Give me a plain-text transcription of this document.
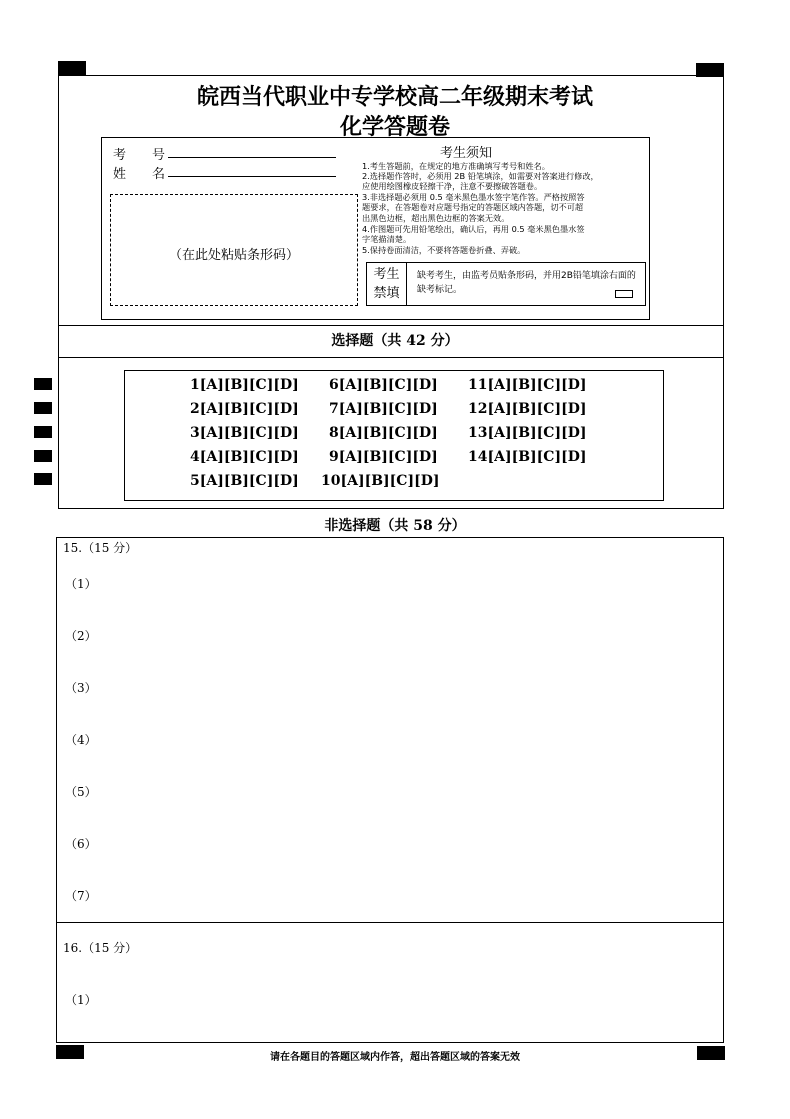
皖西当代职业中专学校高二年级期末考试
化学答题卷
考　　号
姓　　名
（在此处粘贴条形码）
考生须知
1.考生答题前，在规定的地方准确填写考号和姓名。
2.选择题作答时，必须用 2B 铅笔填涂，如需要对答案进行修改，
应使用绘图橡皮轻擦干净，注意不要擦破答题卷。
3.非选择题必须用 0.5 毫米黑色墨水签字笔作答。严格按照答
题要求，在答题卷对应题号指定的答题区域内答题，切不可超
出黑色边框，超出黑色边框的答案无效。
4.作图题可先用铅笔绘出，确认后，再用 0.5 毫米黑色墨水签
字笔描清楚。
5.保持卷面清洁，不要将答题卷折叠、弄破。
考生
禁填
缺考考生，由监考员贴条形码，并用2B铅笔填涂右面的缺考标记。
选择题（共 42 分）
1[A][B][C][D]
2[A][B][C][D]
3[A][B][C][D]
4[A][B][C][D]
5[A][B][C][D]
6[A][B][C][D]
7[A][B][C][D]
8[A][B][C][D]
9[A][B][C][D]
10[A][B][C][D]
11[A][B][C][D]
12[A][B][C][D]
13[A][B][C][D]
14[A][B][C][D]
非选择题（共 58 分）
15.（15 分）
（1）
（2）
（3）
（4）
（5）
（6）
（7）
16.（15 分）
（1）
请在各题目的答题区域内作答，超出答题区域的答案无效
